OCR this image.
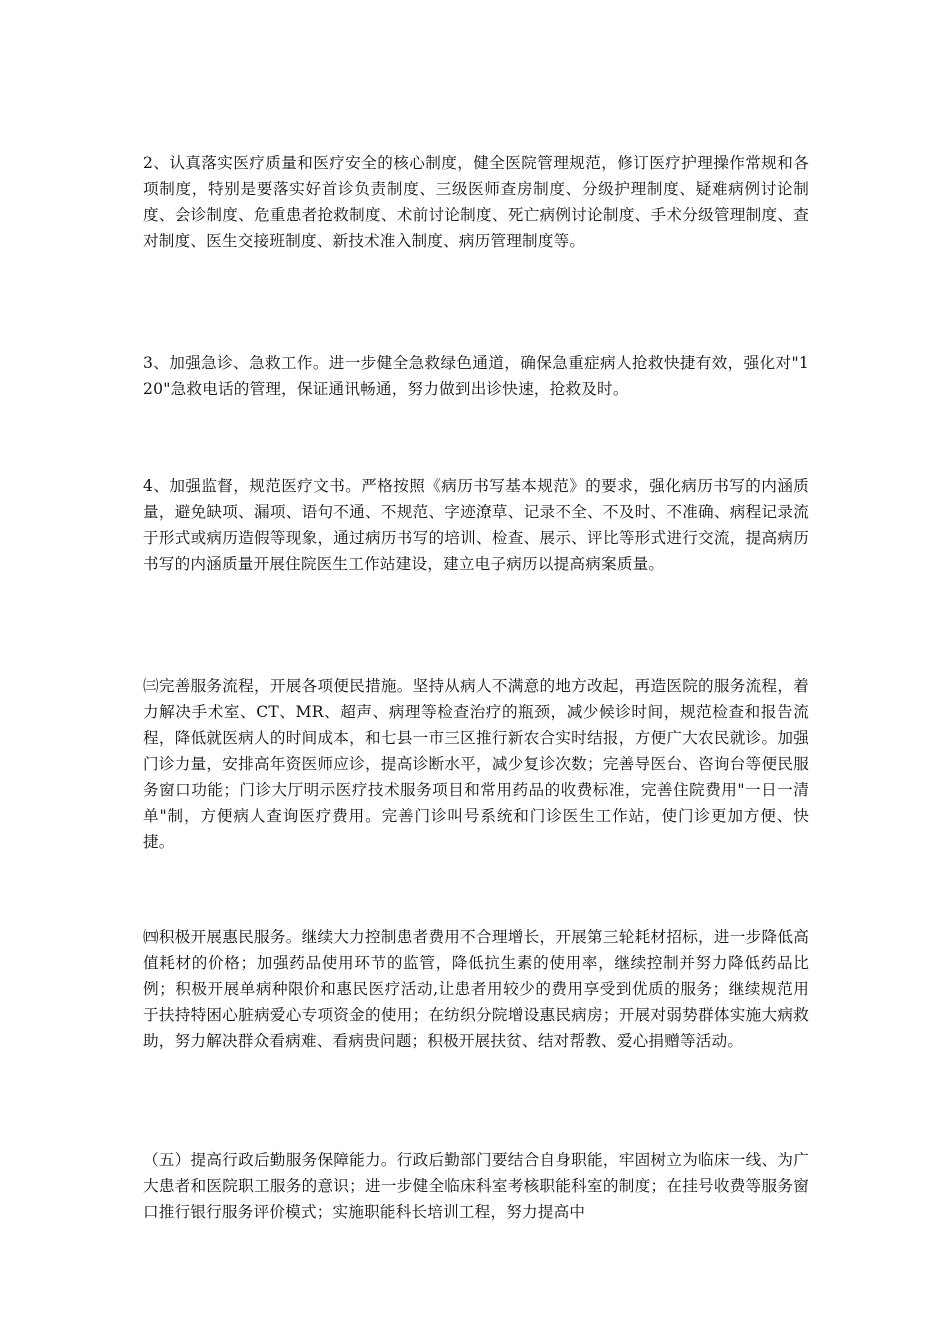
2、认真落实医疗质量和医疗安全的核心制度，健全医院管理规范，修订医疗护理操作常规和各项制度，特别是要落实好首诊负责制度、三级医师查房制度、分级护理制度、疑难病例讨论制度、会诊制度、危重患者抢救制度、术前讨论制度、死亡病例讨论制度、手术分级管理制度、查对制度、医生交接班制度、新技术准入制度、病历管理制度等。

3、加强急诊、急救工作。进一步健全急救绿色通道，确保急重症病人抢救快捷有效，强化对"120"急救电话的管理，保证通讯畅通，努力做到出诊快速，抢救及时。

4、加强监督，规范医疗文书。严格按照《病历书写基本规范》的要求，强化病历书写的内涵质量，避免缺项、漏项、语句不通、不规范、字迹潦草、记录不全、不及时、不准确、病程记录流于形式或病历造假等现象，通过病历书写的培训、检查、展示、评比等形式进行交流，提高病历书写的内涵质量开展住院医生工作站建设，建立电子病历以提高病案质量。

㈢完善服务流程，开展各项便民措施。坚持从病人不满意的地方改起，再造医院的服务流程，着力解决手术室、CT、MR、超声、病理等检查治疗的瓶颈，减少候诊时间，规范检查和报告流程，降低就医病人的时间成本，和七县一市三区推行新农合实时结报，方便广大农民就诊。加强门诊力量，安排高年资医师应诊，提高诊断水平，减少复诊次数；完善导医台、咨询台等便民服务窗口功能；门诊大厅明示医疗技术服务项目和常用药品的收费标准，完善住院费用"一日一清单"制，方便病人查询医疗费用。完善门诊叫号系统和门诊医生工作站，使门诊更加方便、快捷。

㈣积极开展惠民服务。继续大力控制患者费用不合理增长，开展第三轮耗材招标，进一步降低高值耗材的价格；加强药品使用环节的监管，降低抗生素的使用率，继续控制并努力降低药品比例；积极开展单病种限价和惠民医疗活动,让患者用较少的费用享受到优质的服务；继续规范用于扶持特困心脏病爱心专项资金的使用；在纺织分院增设惠民病房；开展对弱势群体实施大病救助，努力解决群众看病难、看病贵问题；积极开展扶贫、结对帮教、爱心捐赠等活动。

（五）提高行政后勤服务保障能力。行政后勤部门要结合自身职能，牢固树立为临床一线、为广大患者和医院职工服务的意识；进一步健全临床科室考核职能科室的制度；在挂号收费等服务窗口推行银行服务评价模式；实施职能科长培训工程，努力提高中
